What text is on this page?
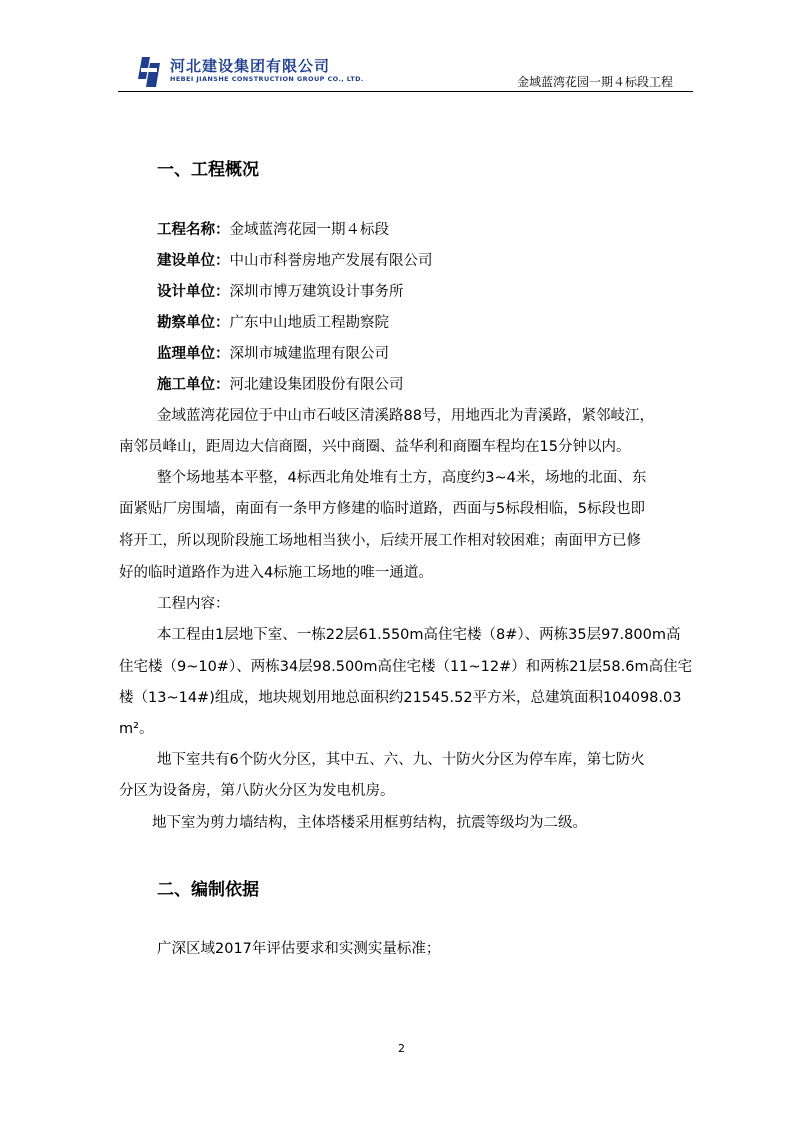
河北建设集团有限公司
HEBEI JIANSHE CONSTRUCTION GROUP CO., LTD.	金域蓝湾花园一期４标段工程
一、工程概况
工程名称：金域蓝湾花园一期４标段
建设单位：中山市科誉房地产发展有限公司
设计单位：深圳市博万建筑设计事务所
勘察单位：广东中山地质工程勘察院
监理单位：深圳市城建监理有限公司
施工单位：河北建设集团股份有限公司
金域蓝湾花园位于中山市石岐区清溪路88号，用地西北为青溪路，紧邻岐江，
南邻员峰山，距周边大信商圈，兴中商圈、益华利和商圈车程均在15分钟以内。
整个场地基本平整，4标西北角处堆有土方，高度约3~4米，场地的北面、东
面紧贴厂房围墙，南面有一条甲方修建的临时道路，西面与5标段相临，5标段也即
将开工，所以现阶段施工场地相当狭小，后续开展工作相对较困难；南面甲方已修
好的临时道路作为进入4标施工场地的唯一通道。
工程内容：
本工程由1层地下室、一栋22层61.550m高住宅楼（8#）、两栋35层97.800m高
住宅楼（9~10#）、两栋34层98.500m高住宅楼（11~12#）和两栋21层58.6m高住宅
楼（13~14#)组成，地块规划用地总面积约21545.52平方米，总建筑面积104098.03
m²。
地下室共有6个防火分区，其中五、六、九、十防火分区为停车库，第七防火
分区为设备房，第八防火分区为发电机房。
地下室为剪力墙结构，主体塔楼采用框剪结构，抗震等级均为二级。
二、编制依据
广深区域2017年评估要求和实测实量标准；
2
